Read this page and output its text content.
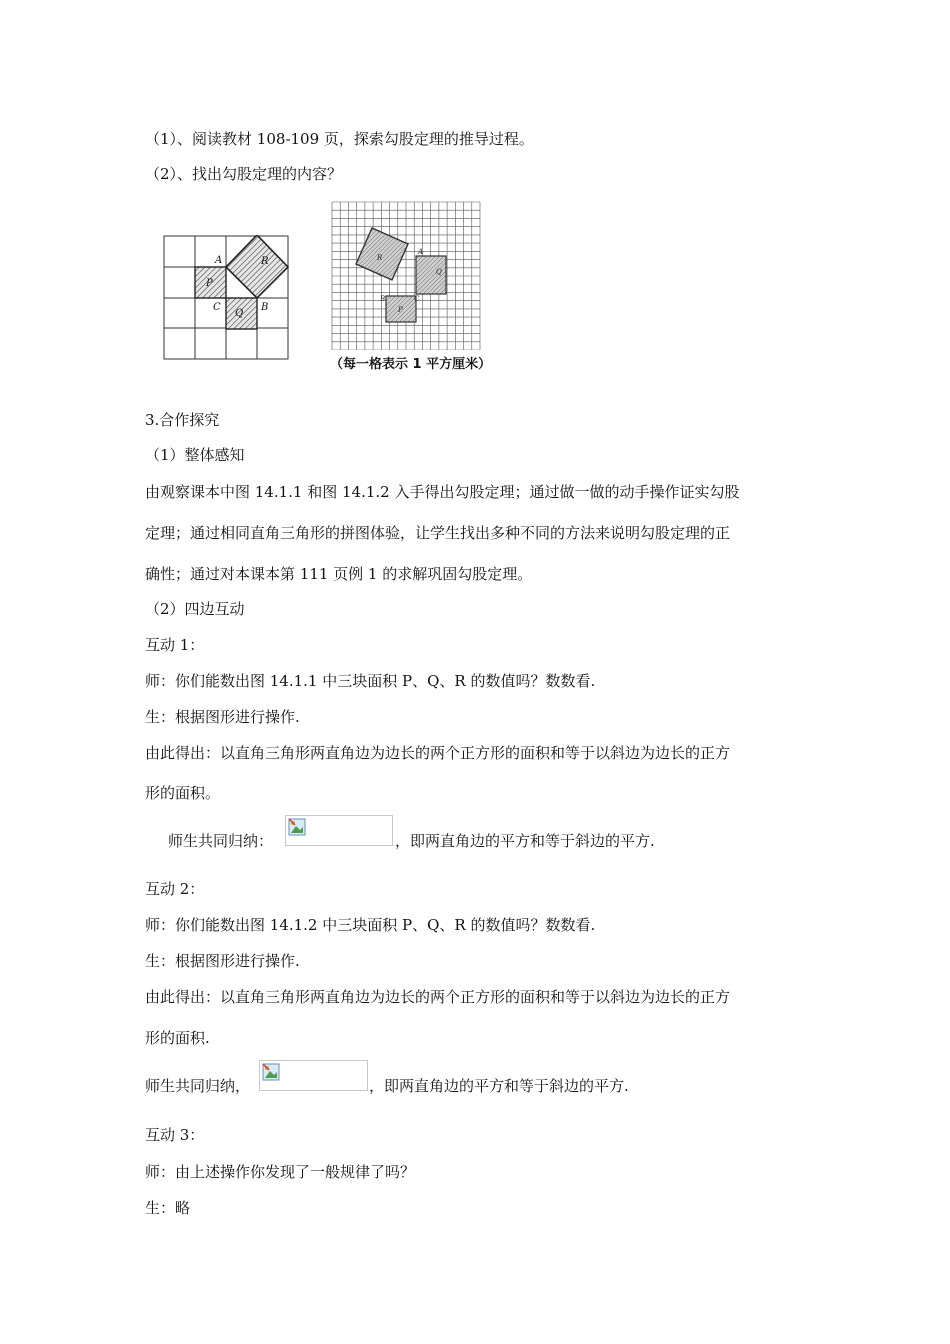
（1）、阅读教材 108-109 页，探索勾股定理的推导过程。
（2）、找出勾股定理的内容？
A	R
P
C
Q
B
R
A
Q
B	C
P
（每一格表示 1 平方厘米）
3.合作探究
（1）整体感知
由观察课本中图 14.1.1 和图 14.1.2 入手得出勾股定理；通过做一做的动手操作证实勾股
定理；通过相同直角三角形的拼图体验，让学生找出多种不同的方法来说明勾股定理的正
确性；通过对本课本第 111 页例 1 的求解巩固勾股定理。
（2）四边互动
互动 1：
师：你们能数出图 14.1.1 中三块面积 P、Q、R 的数值吗？数数看.
生：根据图形进行操作.
由此得出：以直角三角形两直角边为边长的两个正方形的面积和等于以斜边为边长的正方
形的面积。
师生共同归纳：	，即两直角边的平方和等于斜边的平方.
互动 2：
师：你们能数出图 14.1.2 中三块面积 P、Q、R 的数值吗？数数看.
生：根据图形进行操作.
由此得出：以直角三角形两直角边为边长的两个正方形的面积和等于以斜边为边长的正方
形的面积.
师生共同归纳，	，即两直角边的平方和等于斜边的平方.
互动 3：
师：由上述操作你发现了一般规律了吗？
生：略
